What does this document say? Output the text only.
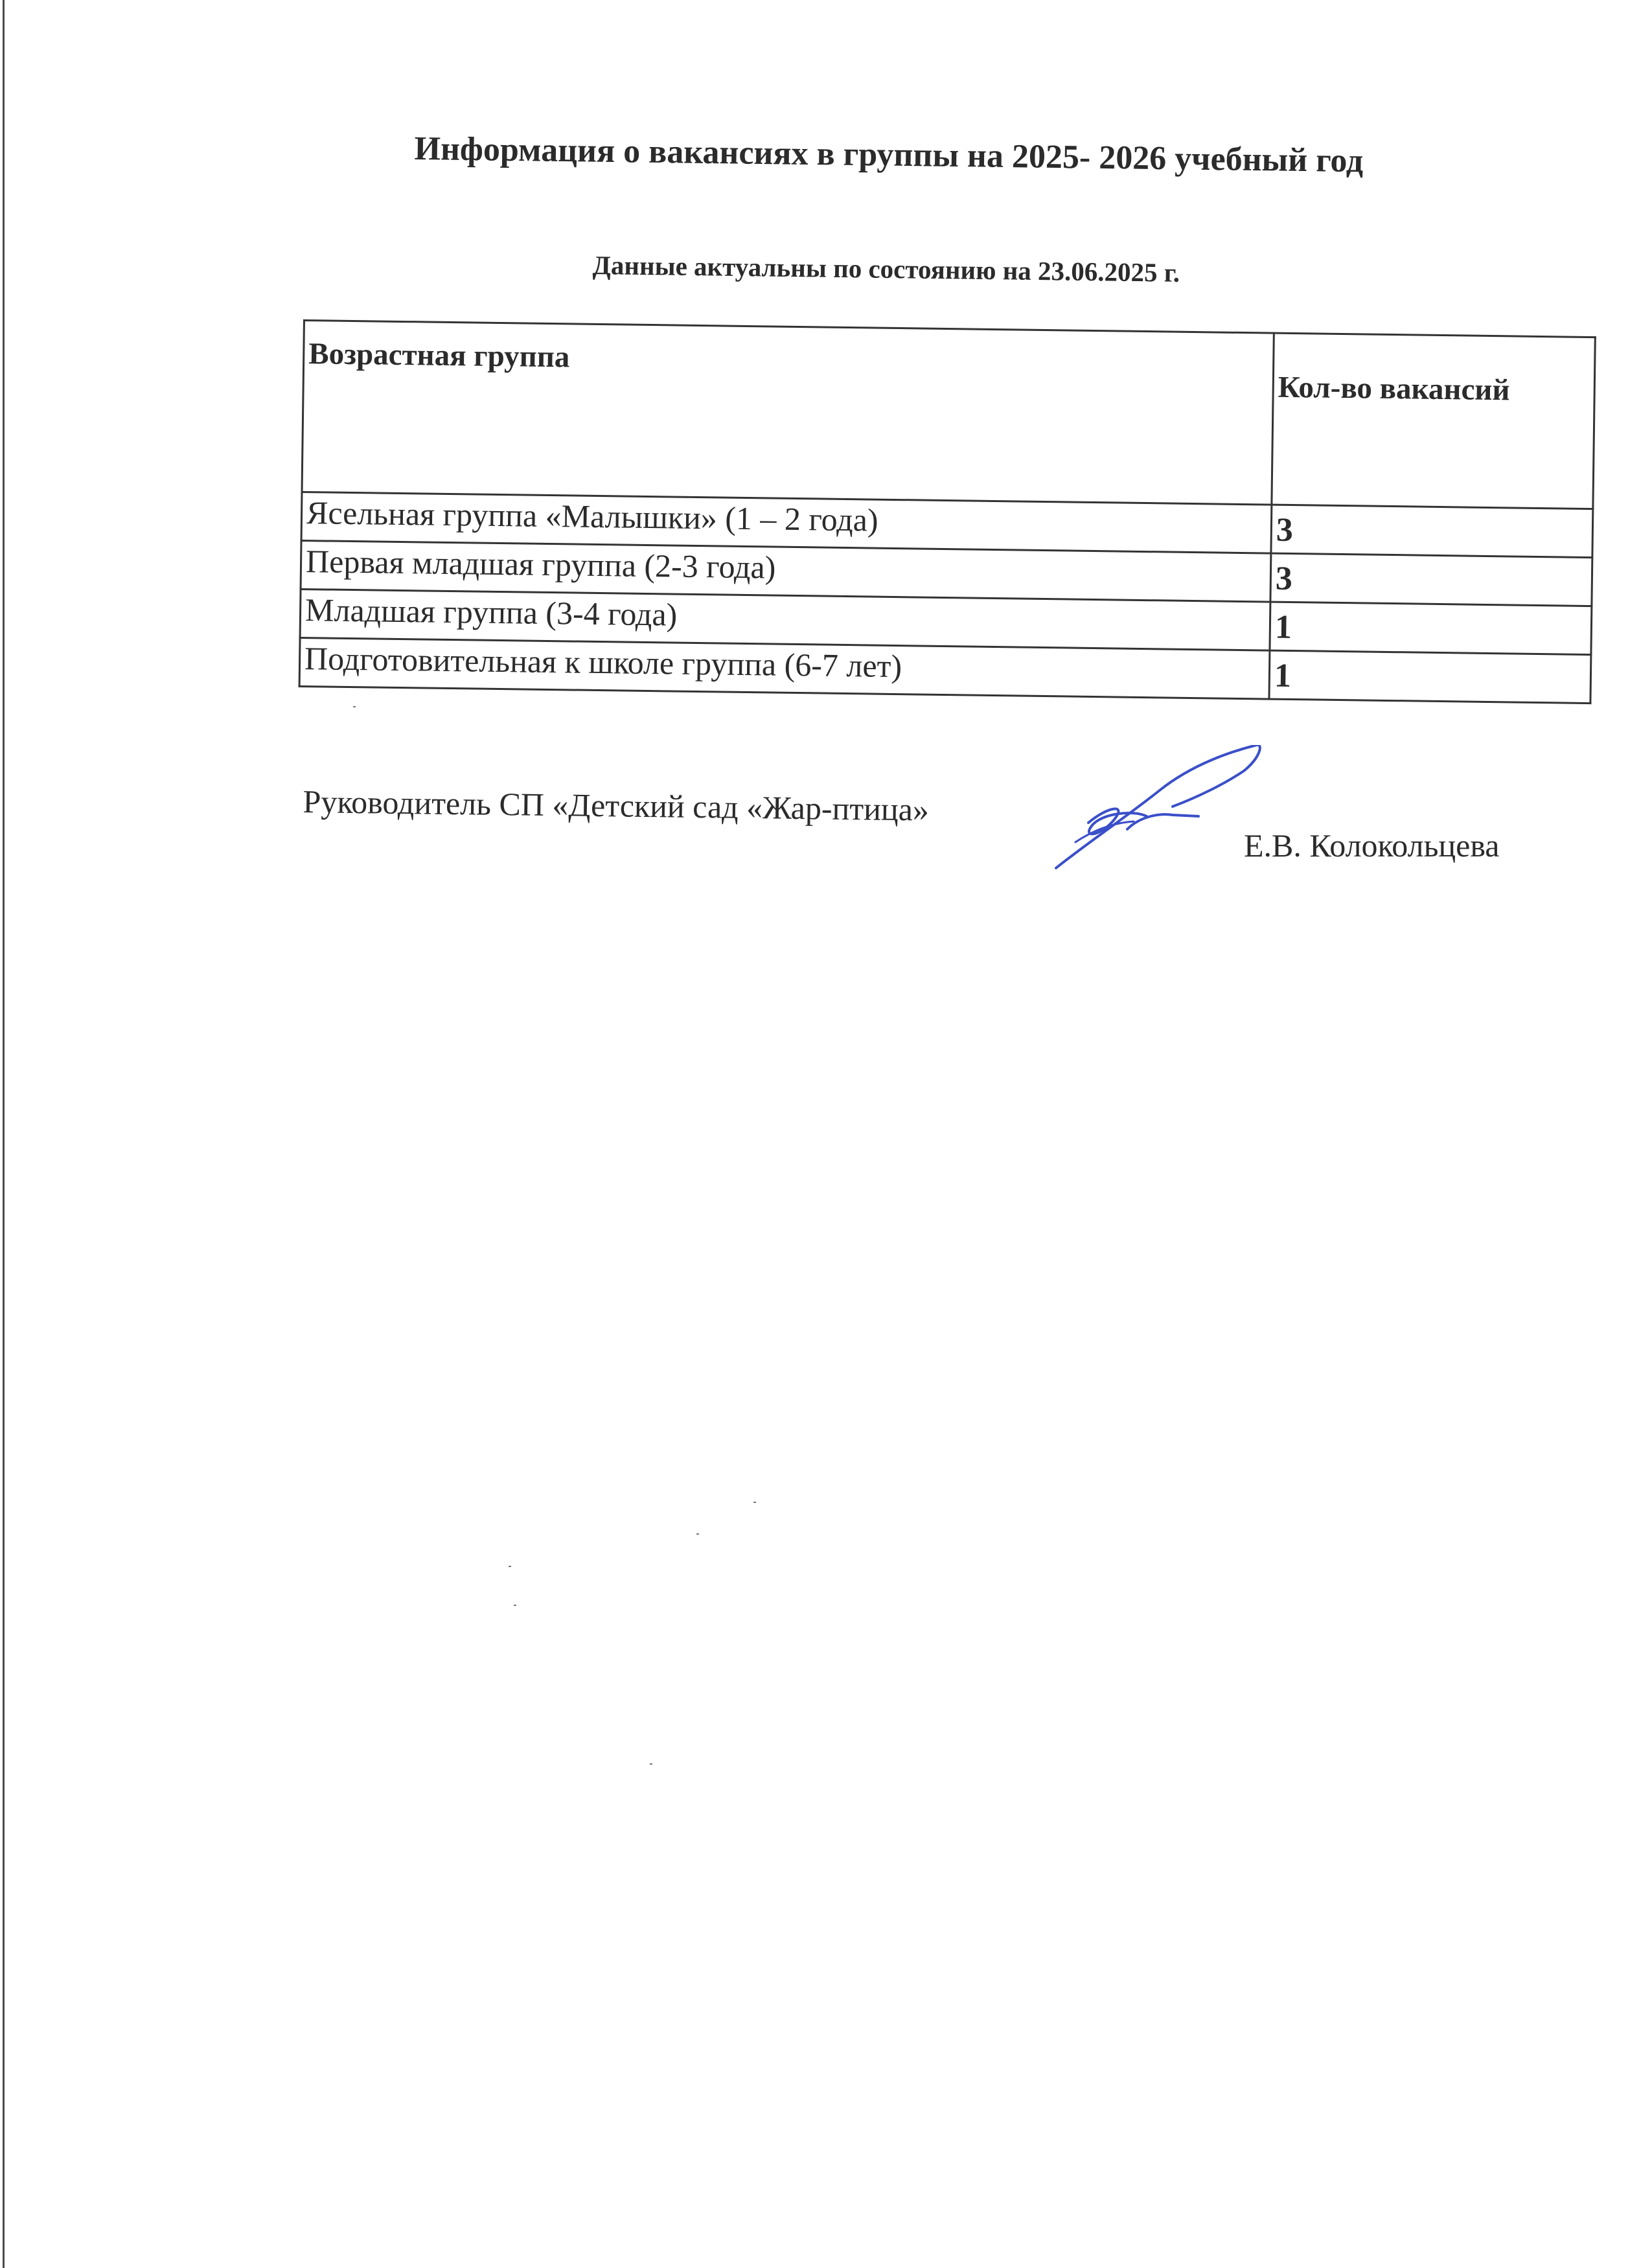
Информация о вакансиях в группы на 2025- 2026 учебный год
Данные актуальны по состоянию на 23.06.2025 г.
Возрастная группа	Кол-во вакансий
Ясельная группа «Малышки» (1 – 2 года)	3
Первая младшая группа (2-3 года)	3
Младшая группа (3-4 года)	1
Подготовительная к школе группа (6-7 лет)	1
Руководитель СП «Детский сад «Жар-птица»
Е.В. Колокольцева
